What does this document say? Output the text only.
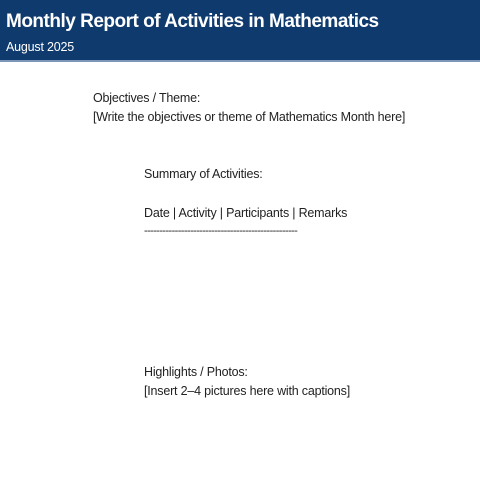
Monthly Report of Activities in Mathematics
August 2025
Objectives / Theme:
[Write the objectives or theme of Mathematics Month here]
Summary of Activities:
Date | Activity | Participants | Remarks
--------------------------------------------------
Highlights / Photos:
[Insert 2–4 pictures here with captions]
